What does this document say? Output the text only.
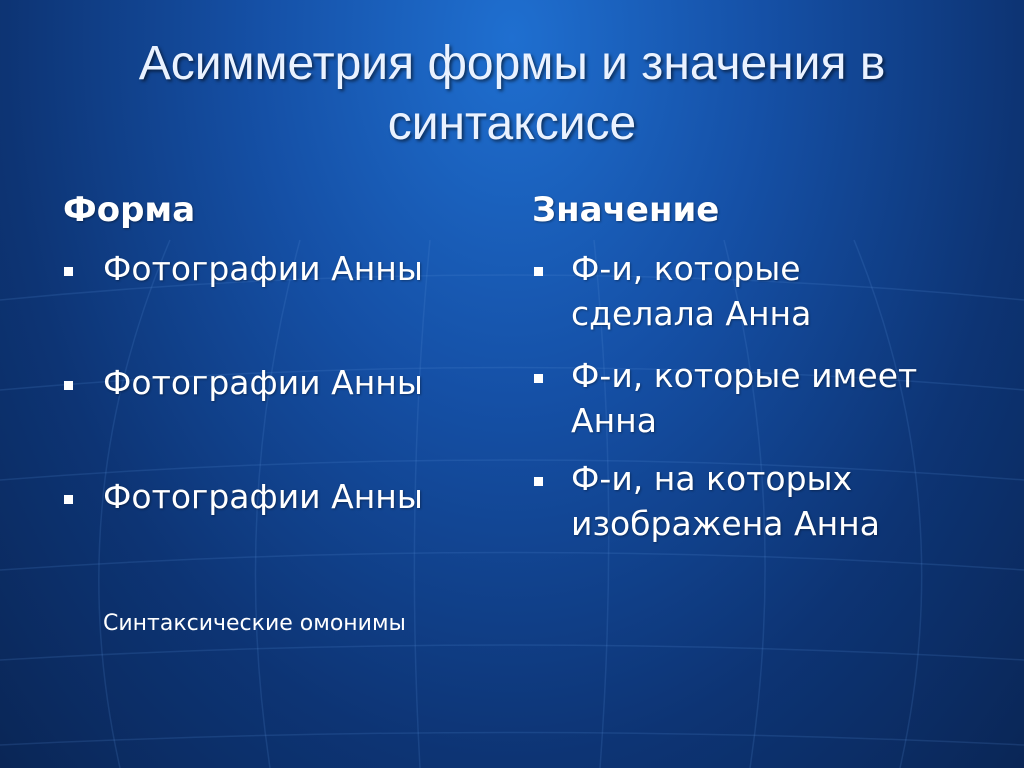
Асимметрия формы и значения в синтаксисе
Форма
Фотографии Анны
Фотографии Анны
Фотографии Анны
Синтаксические омонимы
Значение
Ф-и, которые сделала Анна
Ф-и, которые имеет Анна
Ф-и, на которых изображена Анна
